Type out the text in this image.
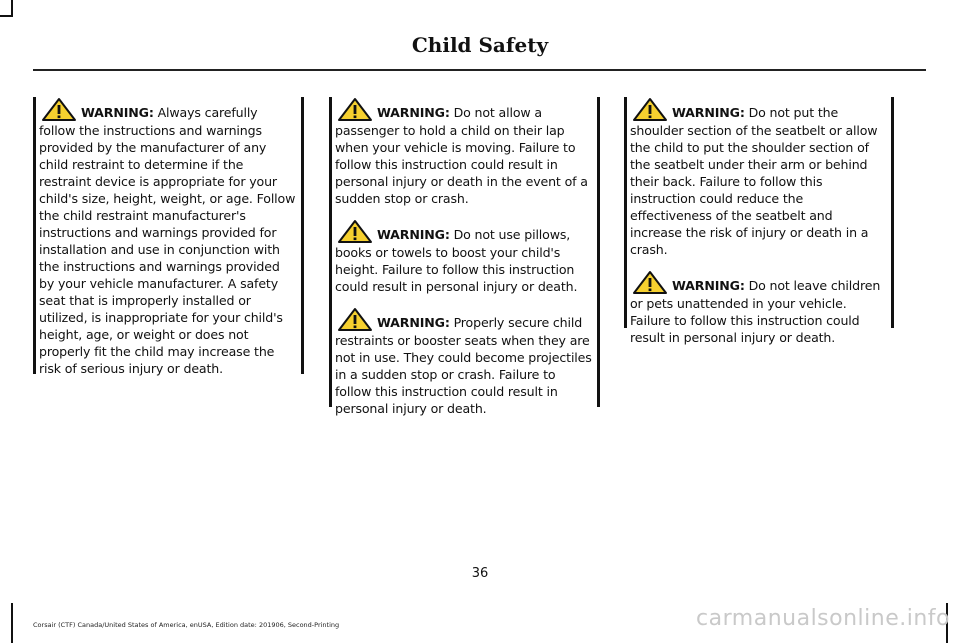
Child Safety

WARNING: Always carefully follow the instructions and warnings provided by the manufacturer of any child restraint to determine if the restraint device is appropriate for your child's size, height, weight, or age. Follow the child restraint manufacturer's instructions and warnings provided for installation and use in conjunction with the instructions and warnings provided by your vehicle manufacturer. A safety seat that is improperly installed or utilized, is inappropriate for your child's height, age, or weight or does not properly fit the child may increase the risk of serious injury or death.

WARNING: Do not allow a passenger to hold a child on their lap when your vehicle is moving. Failure to follow this instruction could result in personal injury or death in the event of a sudden stop or crash.

WARNING: Do not use pillows, books or towels to boost your child's height. Failure to follow this instruction could result in personal injury or death.

WARNING: Properly secure child restraints or booster seats when they are not in use. They could become projectiles in a sudden stop or crash. Failure to follow this instruction could result in personal injury or death.

WARNING: Do not put the shoulder section of the seatbelt or allow the child to put the shoulder section of the seatbelt under their arm or behind their back. Failure to follow this instruction could reduce the effectiveness of the seatbelt and increase the risk of injury or death in a crash.

WARNING: Do not leave children or pets unattended in your vehicle. Failure to follow this instruction could result in personal injury or death.

36
Corsair (CTF) Canada/United States of America, enUSA, Edition date: 201906, Second-Printing	carmanualsonline.info
